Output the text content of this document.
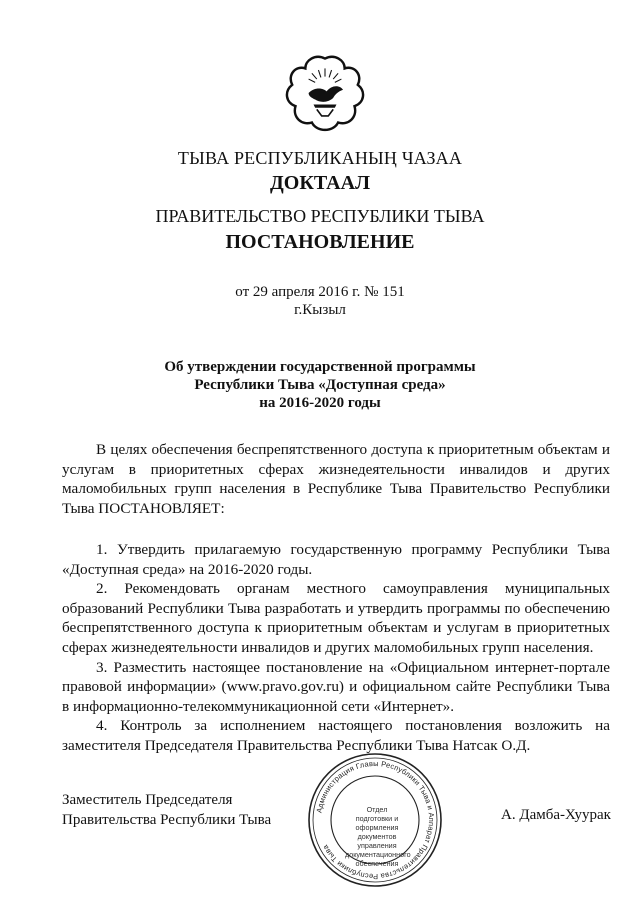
ТЫВА РЕСПУБЛИКАНЫҢ ЧАЗАА
ДОКТААЛ
ПРАВИТЕЛЬСТВО РЕСПУБЛИКИ ТЫВА
ПОСТАНОВЛЕНИЕ
от 29 апреля 2016 г. № 151
г.Кызыл
Об утверждении государственной программы
Республики Тыва «Доступная среда»
на 2016-2020 годы

В целях обеспечения беспрепятственного доступа к приоритетным объектам и услугам в приоритетных сферах жизнедеятельности инвалидов и других маломобильных групп населения в Республике Тыва Правительство Республики Тыва ПОСТАНОВЛЯЕТ:

1. Утвердить прилагаемую государственную программу Республики Тыва «Доступная среда» на 2016-2020 годы.

2. Рекомендовать органам местного самоуправления муниципальных образований Республики Тыва разработать и утвердить программы по обеспечению беспрепятственного доступа к приоритетным объектам и услугам в приоритетных сферах жизнедеятельности инвалидов и других маломобильных групп населения.

3. Разместить настоящее постановление на «Официальном интернет-портале правовой информации» (www.pravo.gov.ru) и официальном сайте Республики Тыва в информационно-телекоммуникационной сети «Интернет».

4. Контроль за исполнением настоящего постановления возложить на заместителя Председателя Правительства Республики Тыва Натсак О.Д.

Администрация Главы Республики Тыва и Аппарат Правительства Республики Тыва
Отдел
подготовки и
оформления документов
управления
документационного
обеспечения
Заместитель Председателя
Правительства Республики Тыва	А. Дамба-Хуурак
